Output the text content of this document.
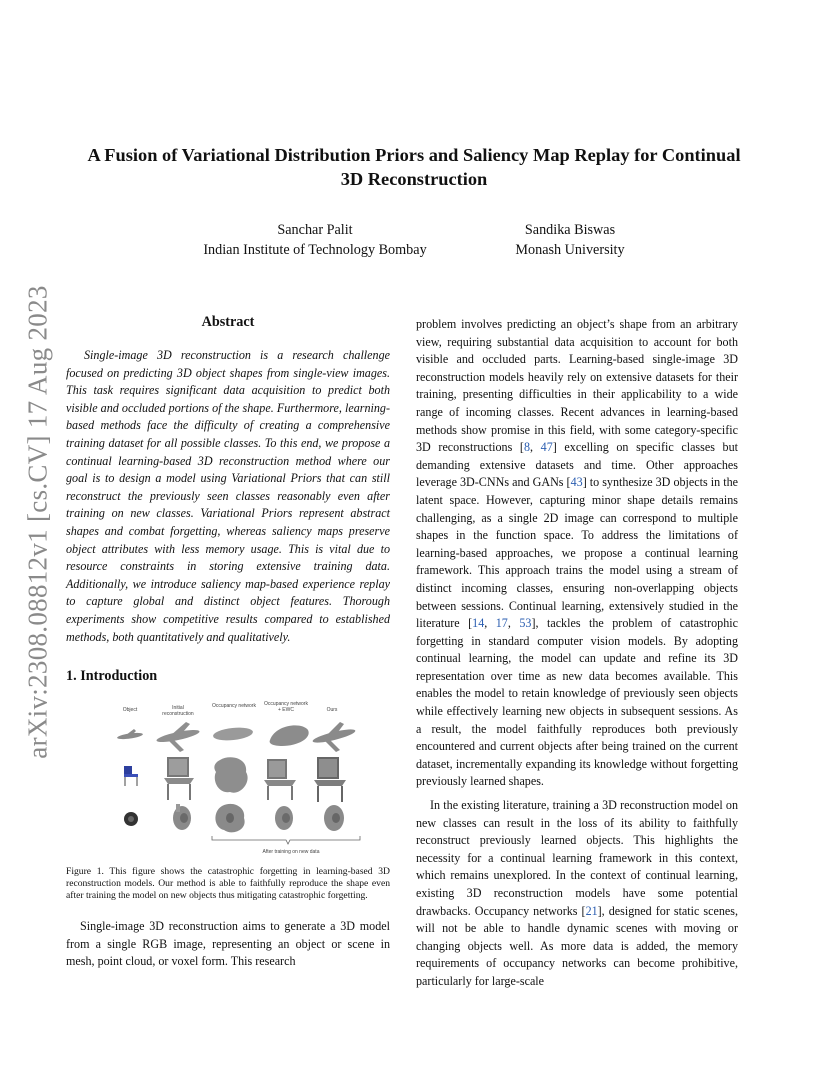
arXiv:2308.08812v1 [cs.CV] 17 Aug 2023
A Fusion of Variational Distribution Priors and Saliency Map Replay for Continual 3D Reconstruction
Sanchar Palit
Indian Institute of Technology Bombay
Sandika Biswas
Monash University
Abstract

Single-image 3D reconstruction is a research challenge focused on predicting 3D object shapes from single-view images. This task requires significant data acquisition to predict both visible and occluded portions of the shape. Furthermore, learning-based methods face the difficulty of creating a comprehensive training dataset for all possible classes. To this end, we propose a continual learning-based 3D reconstruction method where our goal is to design a model using Variational Priors that can still reconstruct the previously seen classes reasonably even after training on new classes. Variational Priors represent abstract shapes and combat forgetting, whereas saliency maps preserve object attributes with less memory usage. This is vital due to resource constraints in storing extensive training data. Additionally, we introduce saliency map-based experience replay to capture global and distinct object features. Thorough experiments show competitive results compared to established methods, both quantitatively and qualitatively.

1. Introduction
Object	Initial reconstruction
Occupancy network Occupancy network + EWC	Ours
After training on new data

Figure 1. This figure shows the catastrophic forgetting in learning-based 3D reconstruction models. Our method is able to faithfully reproduce the shape even after training the model on new objects thus mitigating catastrophic forgetting.

Single-image 3D reconstruction aims to generate a 3D model from a single RGB image, representing an object or scene in mesh, point cloud, or voxel form. This research

problem involves predicting an object’s shape from an arbitrary view, requiring substantial data acquisition to account for both visible and occluded parts. Learning-based single-image 3D reconstruction models heavily rely on extensive datasets for their training, presenting difficulties in their applicability to a wide range of incoming classes. Recent advances in learning-based methods show promise in this field, with some category-specific 3D reconstructions [8, 47] excelling on specific classes but demanding extensive datasets and time. Other approaches leverage 3D-CNNs and GANs [43] to synthesize 3D objects in the latent space. However, capturing minor shape details remains challenging, as a single 2D image can correspond to multiple shapes in the function space. To address the limitations of learning-based approaches, we propose a continual learning framework. This approach trains the model using a stream of distinct incoming classes, ensuring non-overlapping objects between sessions. Continual learning, extensively studied in the literature [14, 17, 53], tackles the problem of catastrophic forgetting in standard computer vision models. By adopting continual learning, the model can update and refine its 3D representation over time as new data becomes available. This enables the model to retain knowledge of previously seen objects while effectively learning new objects in subsequent sessions. As a result, the model faithfully reproduces both previously encountered and current objects after being trained on the current dataset, incrementally expanding its knowledge without forgetting previously learned shapes.

In the existing literature, training a 3D reconstruction model on new classes can result in the loss of its ability to faithfully reconstruct previously learned objects. This highlights the necessity for a continual learning framework in this context, which remains unexplored. In the context of continual learning, existing 3D reconstruction models have some potential drawbacks. Occupancy networks [21], designed for static scenes, will not be able to handle dynamic scenes with moving or changing objects well. As more data is added, the memory requirements of occupancy networks can become prohibitive, particularly for large-scale
